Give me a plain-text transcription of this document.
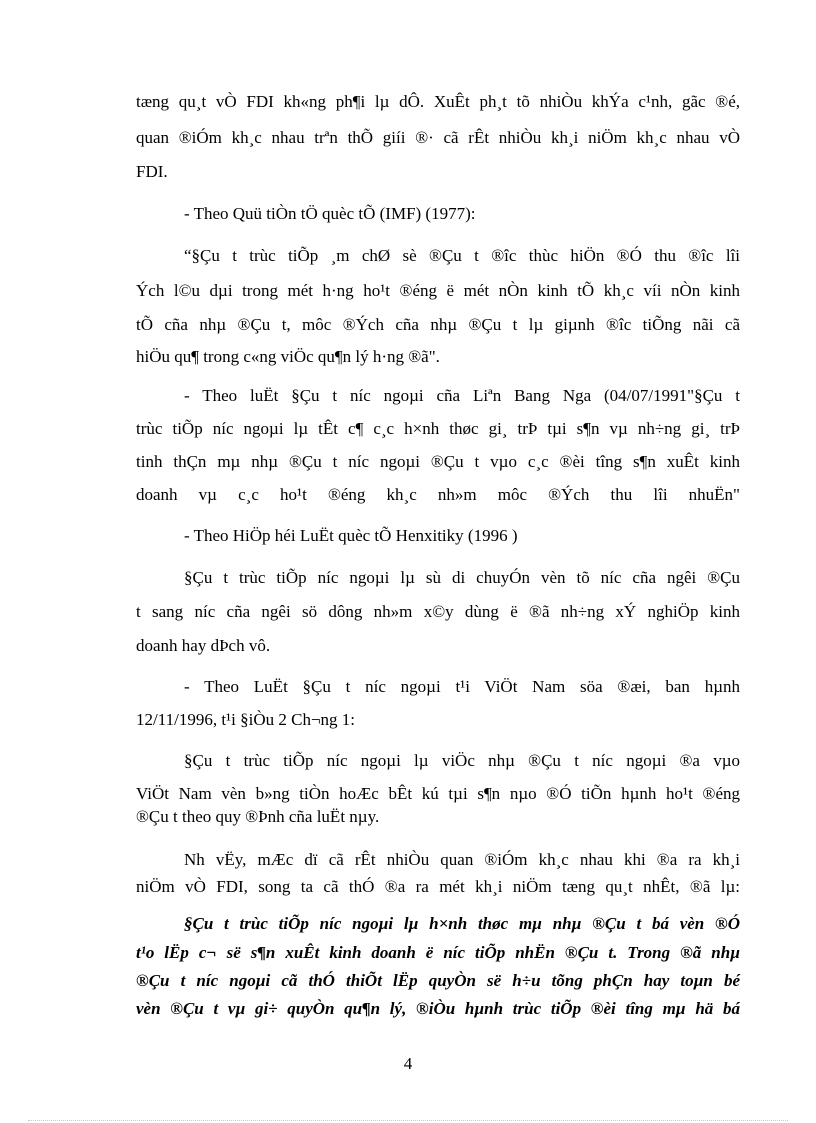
tæng qu¸t vÒ FDI kh«ng ph¶i lµ dÔ. XuÊt ph¸t tõ nhiÒu khÝa c¹nh, gãc ®é,
quan ®iÓm kh¸c nhau trªn thÕ giíi ®· cã rÊt nhiÒu kh¸i niÖm kh¸c nhau vÒ
FDI.
- Theo Quü tiÒn tÖ quèc tÕ (IMF) (1977):
“§Çu t trùc tiÕp ¸m chØ sè ®Çu t ®îc thùc hiÖn ®Ó thu ®îc lîi
Ých l©u dµi trong mét h·ng ho¹t ®éng ë mét nÒn kinh tÕ kh¸c víi nÒn kinh
tÕ cña nhµ ®Çu t, môc ®Ých cña nhµ ®Çu t lµ giµnh ®îc tiÕng nãi cã
hiÖu qu¶ trong c«ng viÖc qu¶n lý h·ng ®ã".
- Theo luËt §Çu t níc ngoµi cña Liªn Bang Nga (04/07/1991"§Çu t
trùc tiÕp níc ngoµi lµ tÊt c¶ c¸c h×nh thøc gi¸ trÞ tµi s¶n vµ nh÷ng gi¸ trÞ
tinh thÇn mµ nhµ ®Çu t níc ngoµi ®Çu t vµo c¸c ®èi tîng s¶n xuÊt kinh
doanh vµ c¸c ho¹t ®éng kh¸c nh»m môc ®Ých thu lîi nhuËn"
- Theo HiÖp héi LuËt quèc tÕ Henxitiky (1996 )
§Çu t trùc tiÕp níc ngoµi lµ sù di chuyÓn vèn tõ níc cña ngêi ®Çu
t sang níc cña ngêi sö dông nh»m x©y dùng ë ®ã nh÷ng xÝ nghiÖp kinh
doanh hay dÞch vô.
- Theo LuËt §Çu t níc ngoµi t¹i ViÖt Nam söa ®æi, ban hµnh
12/11/1996, t¹i §iÒu 2 Ch¬ng 1:
§Çu t trùc tiÕp níc ngoµi lµ viÖc nhµ ®Çu t níc ngoµi ®a vµo
ViÖt Nam vèn b»ng tiÒn hoÆc bÊt kú tµi s¶n nµo ®Ó tiÕn hµnh ho¹t ®éng
®Çu t theo quy ®Þnh cña luËt nµy.
Nh vËy, mÆc dï cã rÊt nhiÒu quan ®iÓm kh¸c nhau khi ®a ra kh¸i
niÖm vÒ FDI, song ta cã thÓ ®a ra mét kh¸i niÖm tæng qu¸t nhÊt, ®ã lµ:
§Çu t trùc tiÕp níc ngoµi lµ h×nh thøc mµ nhµ ®Çu t bá vèn ®Ó
t¹o lËp c¬ së s¶n xuÊt kinh doanh ë níc tiÕp nhËn ®Çu t. Trong ®ã nhµ
®Çu t níc ngoµi cã thÓ thiÕt lËp quyÒn së h÷u tõng phÇn hay toµn bé
vèn ®Çu t vµ gi÷ quyÒn qu¶n lý, ®iÒu hµnh trùc tiÕp ®èi tîng mµ hä bá
4
